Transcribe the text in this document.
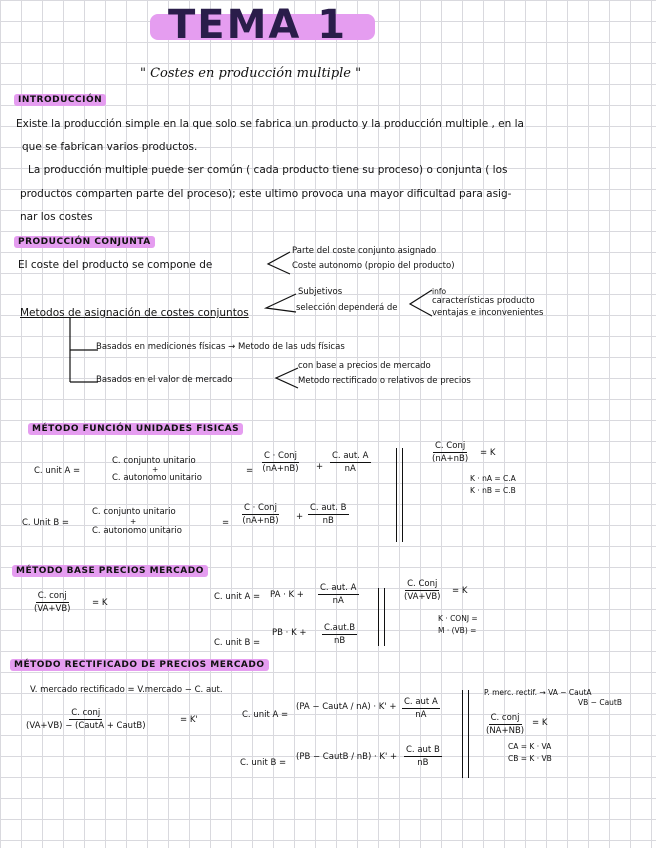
TEMA 1
" Costes en producción multiple "
INTRODUCCIÓN
Existe la producción simple en la que solo se fabrica un producto y la producción multiple , en la
que se fabrican varios productos.
La producción multiple puede ser común ( cada producto tiene su proceso) o conjunta ( los
productos comparten parte del proceso); este ultimo provoca una mayor dificultad para asig-
nar los costes
PRODUCCIÓN CONJUNTA
El coste del producto se compone de
Parte del coste conjunto asignado
Coste autonomo (propio del producto)
Subjetivos
Metodos de asignación de costes conjuntos	selección dependerá de
info
características producto
ventajas e inconvenientes
Basados en mediciones físicas → Metodo de las uds físicas
Basados en el valor de mercado
con base a precios de mercado
Metodo rectificado o relativos de precios
MÉTODO FUNCIÓN UNIDADES FISICAS
C. unit A =
C. conjunto unitario
+
C. autonomo unitario
=
C · Conj
(nA+nB) +
C. aut. A
nA
C. Unit B =
C. conjunto unitario
+
C. autonomo unitario
=
C · Conj
(nA+nB) +
C. aut. B
nB
C. Conj
(nA+nB)
= K
K · nA = C.A
K · nB = C.B
MÉTODO BASE PRECIOS MERCADO
C. conj
(VA+VB)
= K
C. unit A = PA · K +
C. aut. A
nA
C. unit B =
PB · K + C.aut.B
nB
C. Conj
(VA+VB)
= K
K · CONJ =
M · (VB) =
MÉTODO RECTIFICADO DE PRECIOS MERCADO
V. mercado rectificado = V.mercado − C. aut.
C. conj
(VA+VB) − (CautA + CautB)
= K'	C. unit A =
(PA − CautA / nA) · K' + C. aut A
nA
C. unit B =
(PB − CautB / nB) · K' +
C. aut B
nB
P. merc. rectif. → VA − CautA
VB − CautB
C. conj
(NA+NB)
= K
CA = K · VA
CB = K · VB
